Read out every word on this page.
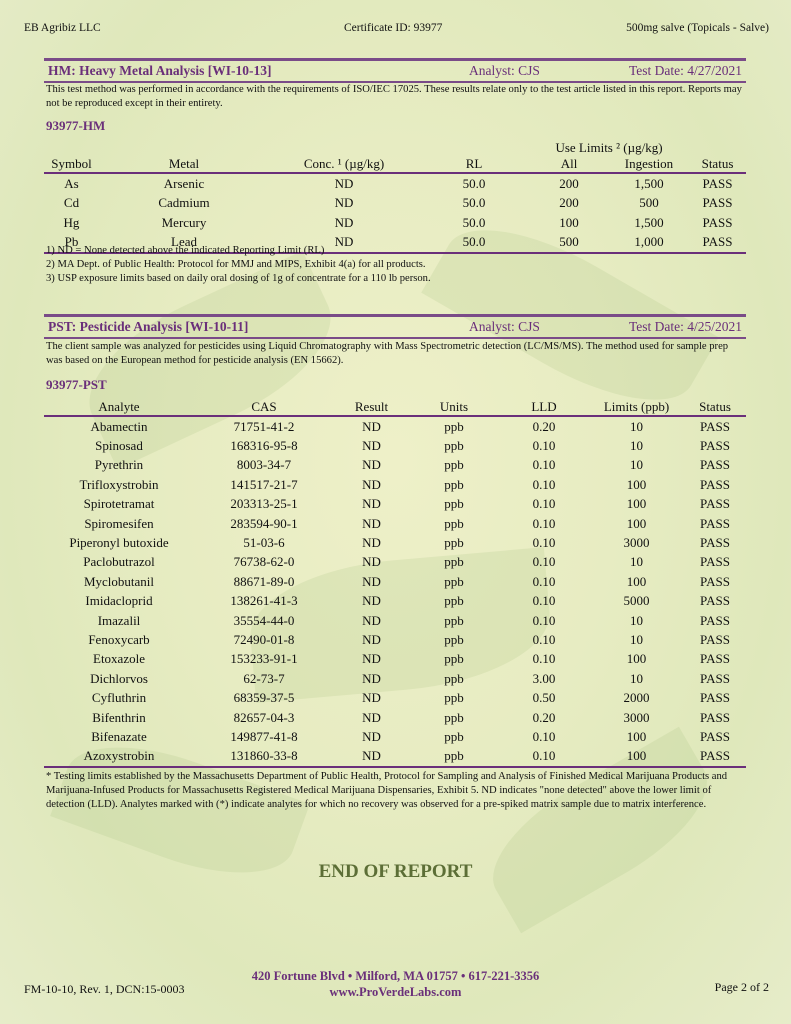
EB Agribiz LLC	Certificate ID: 93977	500mg salve (Topicals - Salve)
HM: Heavy Metal Analysis [WI-10-13]	Analyst: CJS	Test Date: 4/27/2021
This test method was performed in accordance with the requirements of ISO/IEC 17025. These results relate only to the test article listed in this report. Reports may not be reproduced except in their entirety.
93977-HM
				Use Limits ² (µg/kg)		
Symbol	Metal	Conc. ¹ (µg/kg)	RL	All	Ingestion	Status
As	Arsenic	ND	50.0	200	1,500	PASS
Cd	Cadmium	ND	50.0	200	500	PASS
Hg	Mercury	ND	50.0	100	1,500	PASS
Pb	Lead	ND	50.0	500	1,000	PASS
1) ND = None detected above the indicated Reporting Limit (RL)
2) MA Dept. of Public Health: Protocol for MMJ and MIPS, Exhibit 4(a) for all products.
3) USP exposure limits based on daily oral dosing of 1g of concentrate for a 110 lb person.
PST: Pesticide Analysis [WI-10-11]	Analyst: CJS	Test Date: 4/25/2021
The client sample was analyzed for pesticides using Liquid Chromatography with Mass Spectrometric detection (LC/MS/MS). The method used for sample prep was based on the European method for pesticide analysis (EN 15662).
93977-PST
Analyte	CAS	Result	Units	LLD	Limits (ppb)	Status
Abamectin	71751-41-2	ND	ppb	0.20	10	PASS
Spinosad	168316-95-8	ND	ppb	0.10	10	PASS
Pyrethrin	8003-34-7	ND	ppb	0.10	10	PASS
Trifloxystrobin	141517-21-7	ND	ppb	0.10	100	PASS
Spirotetramat	203313-25-1	ND	ppb	0.10	100	PASS
Spiromesifen	283594-90-1	ND	ppb	0.10	100	PASS
Piperonyl butoxide	51-03-6	ND	ppb	0.10	3000	PASS
Paclobutrazol	76738-62-0	ND	ppb	0.10	10	PASS
Myclobutanil	88671-89-0	ND	ppb	0.10	100	PASS
Imidacloprid	138261-41-3	ND	ppb	0.10	5000	PASS
Imazalil	35554-44-0	ND	ppb	0.10	10	PASS
Fenoxycarb	72490-01-8	ND	ppb	0.10	10	PASS
Etoxazole	153233-91-1	ND	ppb	0.10	100	PASS
Dichlorvos	62-73-7	ND	ppb	3.00	10	PASS
Cyfluthrin	68359-37-5	ND	ppb	0.50	2000	PASS
Bifenthrin	82657-04-3	ND	ppb	0.20	3000	PASS
Bifenazate	149877-41-8	ND	ppb	0.10	100	PASS
Azoxystrobin	131860-33-8	ND	ppb	0.10	100	PASS
* Testing limits established by the Massachusetts Department of Public Health, Protocol for Sampling and Analysis of Finished Medical Marijuana Products and Marijuana-Infused Products for Massachusetts Registered Medical Marijuana Dispensaries, Exhibit 5. ND indicates "none detected" above the lower limit of detection (LLD). Analytes marked with (*) indicate analytes for which no recovery was observed for a pre-spiked matrix sample due to matrix interference.
END OF REPORT
420 Fortune Blvd • Milford, MA 01757 • 617-221-3356
www.ProVerdeLabs.com
FM-10-10, Rev. 1, DCN:15-0003	Page 2 of 2
